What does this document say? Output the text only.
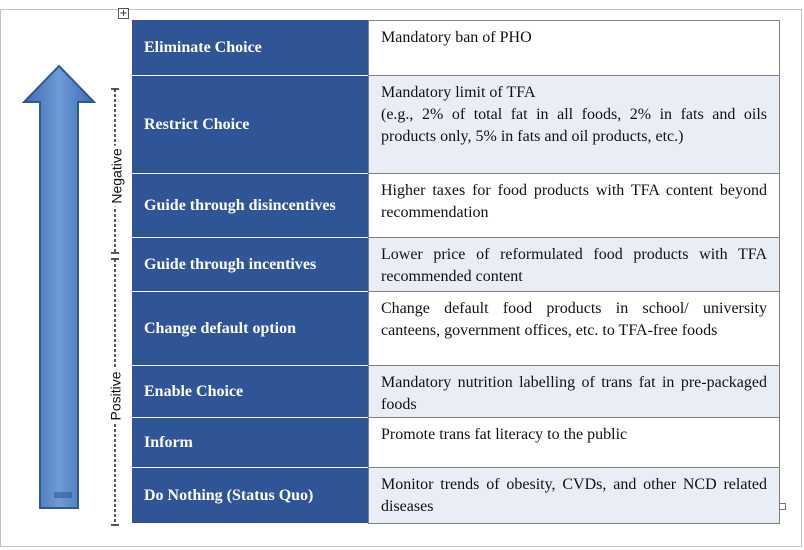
+
Negative
Positive
Eliminate Choice
Mandatory ban of PHO
Restrict Choice
Mandatory limit of TFA
(e.g., 2% of total fat in all foods, 2% in fats and oils products only, 5% in fats and oil products, etc.)
Guide through disincentives
Higher taxes for food products with TFA content beyond recommendation
Guide through incentives
Lower price of reformulated food products with TFA recommended content
Change default option
Change default food products in school/ university canteens, government offices, etc. to TFA-free foods
Enable Choice	Mandatory nutrition labelling of trans fat in pre-packaged foods
Inform	Promote trans fat literacy to the public
Do Nothing (Status Quo)
Monitor trends of obesity, CVDs, and other NCD related diseases
